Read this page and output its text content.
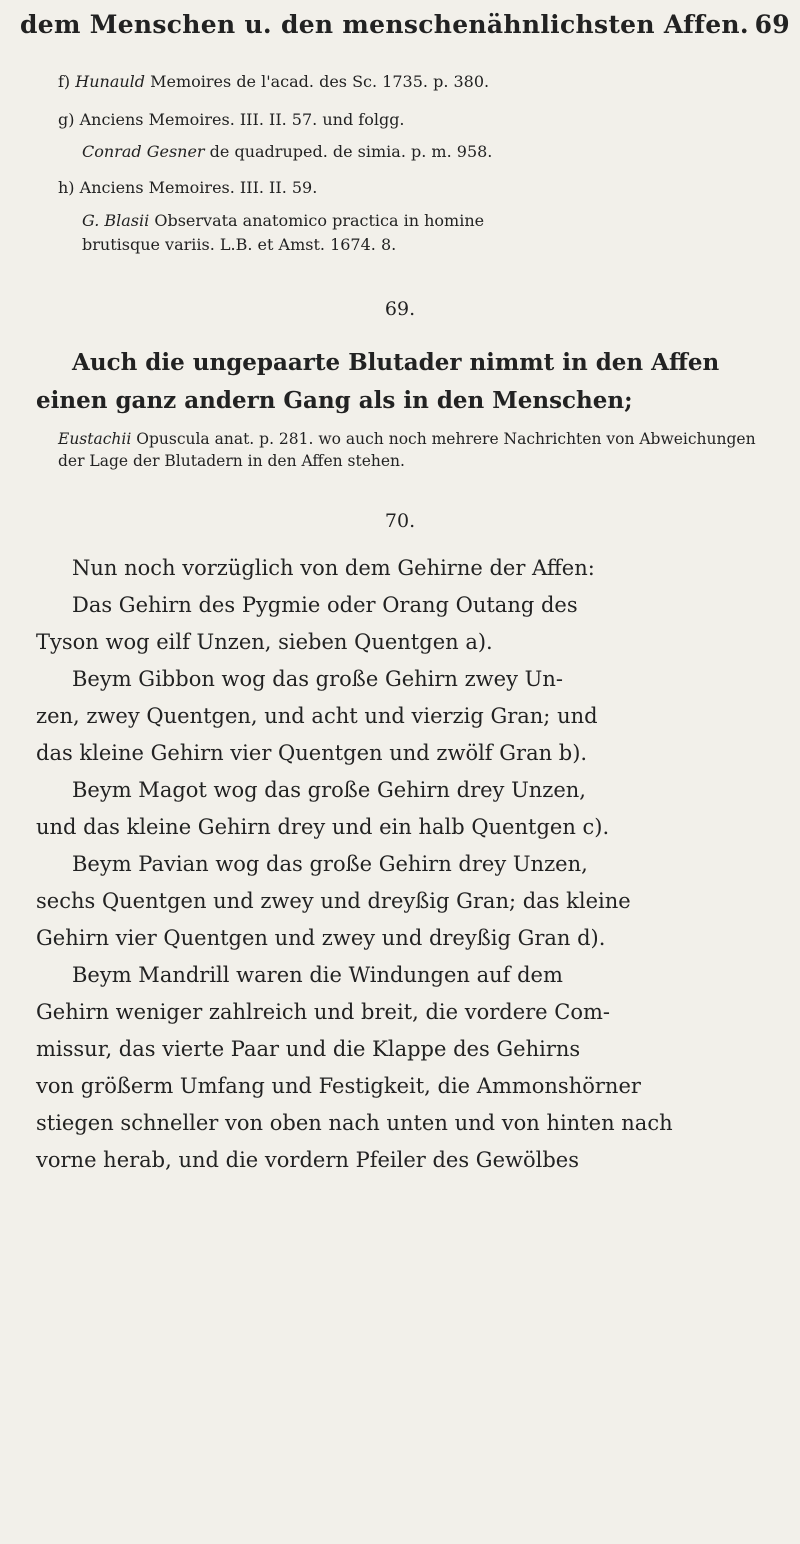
dem Menschen u. den menschenähnlichsten Affen. 69
f) Hunauld Memoires de l'acad. des Sc. 1735. p. 380.
g) Anciens Memoires. III. II. 57. und folgg.
Conrad Gesner de quadruped. de simia. p. m. 958.
h) Anciens Memoires. III. II. 59.
G. Blasii Observata anatomico practica in homine
brutisque variis. L.B. et Amst. 1674. 8.
69.

Auch die ungepaarte Blutader nimmt in den Affen

einen ganz andern Gang als in den Menschen;

Eustachii Opuscula anat. p. 281. wo auch noch mehrere Nachrichten von Abweichungen der Lage der Blutadern in den Affen stehen.
70.

Nun noch vorzüglich von dem Gehirne der Affen:

Das Gehirn des Pygmie oder Orang Outang des

Tyson wog eilf Unzen, sieben Quentgen a).

Beym Gibbon wog das große Gehirn zwey Un-

zen, zwey Quentgen, und acht und vierzig Gran; und

das kleine Gehirn vier Quentgen und zwölf Gran b).

Beym Magot wog das große Gehirn drey Unzen,

und das kleine Gehirn drey und ein halb Quentgen c).

Beym Pavian wog das große Gehirn drey Unzen,

sechs Quentgen und zwey und dreyßig Gran; das kleine

Gehirn vier Quentgen und zwey und dreyßig Gran d).

Beym Mandrill waren die Windungen auf dem

Gehirn weniger zahlreich und breit, die vordere Com-

missur, das vierte Paar und die Klappe des Gehirns

von größerm Umfang und Festigkeit, die Ammonshörner

stiegen schneller von oben nach unten und von hinten nach

vorne herab, und die vordern Pfeiler des Gewölbes
